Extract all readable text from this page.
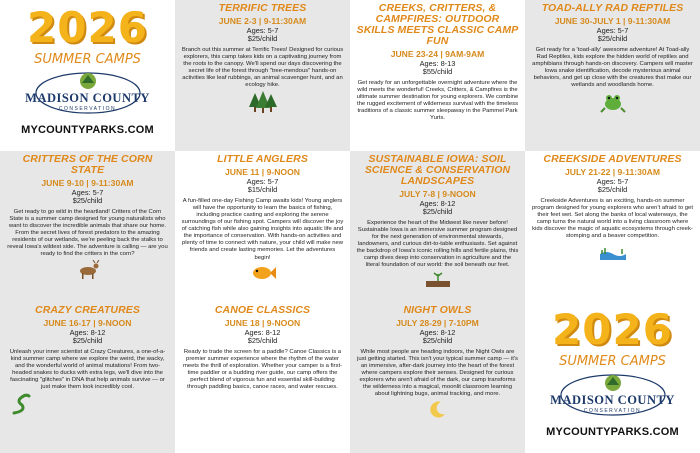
2026
SUMMER CAMPS
MADISON COUNTY
CONSERVATION
MYCOUNTYPARKS.COM
TERRIFIC TREES
JUNE 2-3 | 9-11:30AM
Ages: 5-7
$25/child
Branch out this summer at Terrific Trees! Designed for curious explorers, this camp takes kids on a captivating journey from the roots to the canopy. We'll spend our days discovering the secret life of the forest through "tree-mendous" hands-on activities like leaf rubbings, an animal scavenger hunt, and an ecology hike.
CREEKS, CRITTERS, & CAMPFIRES: OUTDOOR SKILLS MEETS CLASSIC CAMP FUN
JUNE 23-24 | 9AM-9AM
Ages: 8-13
$55/child
Get ready for an unforgettable overnight adventure where the wild meets the wonderful! Creeks, Critters, & Campfires is the ultimate summer destination for young explorers. We combine the rugged excitement of wilderness survival with the timeless traditions of a classic summer sleepaway in the Pammel Park Yurts.
TOAD-ALLY RAD REPTILES
JUNE 30-JULY 1 | 9-11:30AM
Ages: 5-7
$25/child
Get ready for a 'toad-ally' awesome adventure! At Toad-ally Rad Reptiles, kids explore the hidden world of reptiles and amphibians through hands-on discovery. Campers will master Iowa snake identification, decode mysterious animal behaviors, and get up close with the creatures that make our wetlands and woodlands home.
CRITTERS OF THE CORN STATE
JUNE 9-10 | 9-11:30AM
Ages: 5-7
$25/child
Get ready to go wild in the heartland! Critters of the Corn State is a summer camp designed for young naturalists who want to discover the incredible animals that share our home. From the secret lives of forest predators to the amazing residents of our wetlands, we're peeling back the stalks to reveal Iowa's wildest side. The adventure is calling — are you ready to find the critters in the corn?
LITTLE ANGLERS
JUNE 11 | 9-NOON
Ages: 5-7
$15/child
A fun-filled one-day Fishing Camp awaits kids! Young anglers will have the opportunity to learn the basics of fishing, including practice casting and exploring the serene surroundings of our fishing spot. Campers will discover the joy of catching fish while also gaining insights into aquatic life and the importance of conservation. With hands-on activities and plenty of time to connect with nature, your child will make new friends and create lasting memories. Let the adventures begin!
SUSTAINABLE IOWA: SOIL SCIENCE & CONSERVATION LANDSCAPES
JULY 7-8 | 9-NOON
Ages: 8-12
$25/child
Experience the heart of the Midwest like never before! Sustainable Iowa is an immersive summer program designed for the next generation of environmental stewards, landowners, and curious dirt-to-table enthusiasts. Set against the backdrop of Iowa's iconic rolling hills and fertile plains, this camp dives deep into conservation in agriculture and the literal foundation of our world: the soil beneath our feet.
CREEKSIDE ADVENTURES
JULY 21-22 | 9-11:30AM
Ages: 5-7
$25/child
Creekside Adventures is an exciting, hands-on summer program designed for young explorers who aren't afraid to get their feet wet. Set along the banks of local waterways, the camp turns the natural world into a living classroom where kids discover the magic of aquatic ecosystems through creek-stomping and a beaver competition.
CRAZY CREATURES
JUNE 16-17 | 9-NOON
Ages: 8-12
$25/child
Unleash your inner scientist at Crazy Creatures, a one-of-a-kind summer camp where we explore the weird, the wacky, and the wonderful world of animal mutations! From two-headed snakes to ducks with extra legs, we'll dive into the fascinating "glitches" in DNA that help animals survive — or just make them look incredibly cool.
CANOE CLASSICS
JUNE 18 | 9-NOON
Ages: 8-12
$25/child
Ready to trade the screen for a paddle? Canoe Classics is a premier summer experience where the rhythm of the water meets the thrill of exploration. Whether your camper is a first-time paddler or a budding river guide, our camp offers the perfect blend of vigorous fun and essential skill-building through paddling basics, canoe races, and water rescues.
NIGHT OWLS
JULY 28-29 | 7-10PM
Ages: 8-12
$25/child
While most people are heading indoors, the Night Owls are just getting started. This isn't your typical summer camp — it's an immersive, after-dark journey into the heart of the forest where campers explore their senses. Designed for curious explorers who aren't afraid of the dark, our camp transforms the wilderness into a magical, moonlit classroom learning about lightning bugs, animal tracking, and more.
2026
SUMMER CAMPS
MADISON COUNTY
CONSERVATION
MYCOUNTYPARKS.COM
